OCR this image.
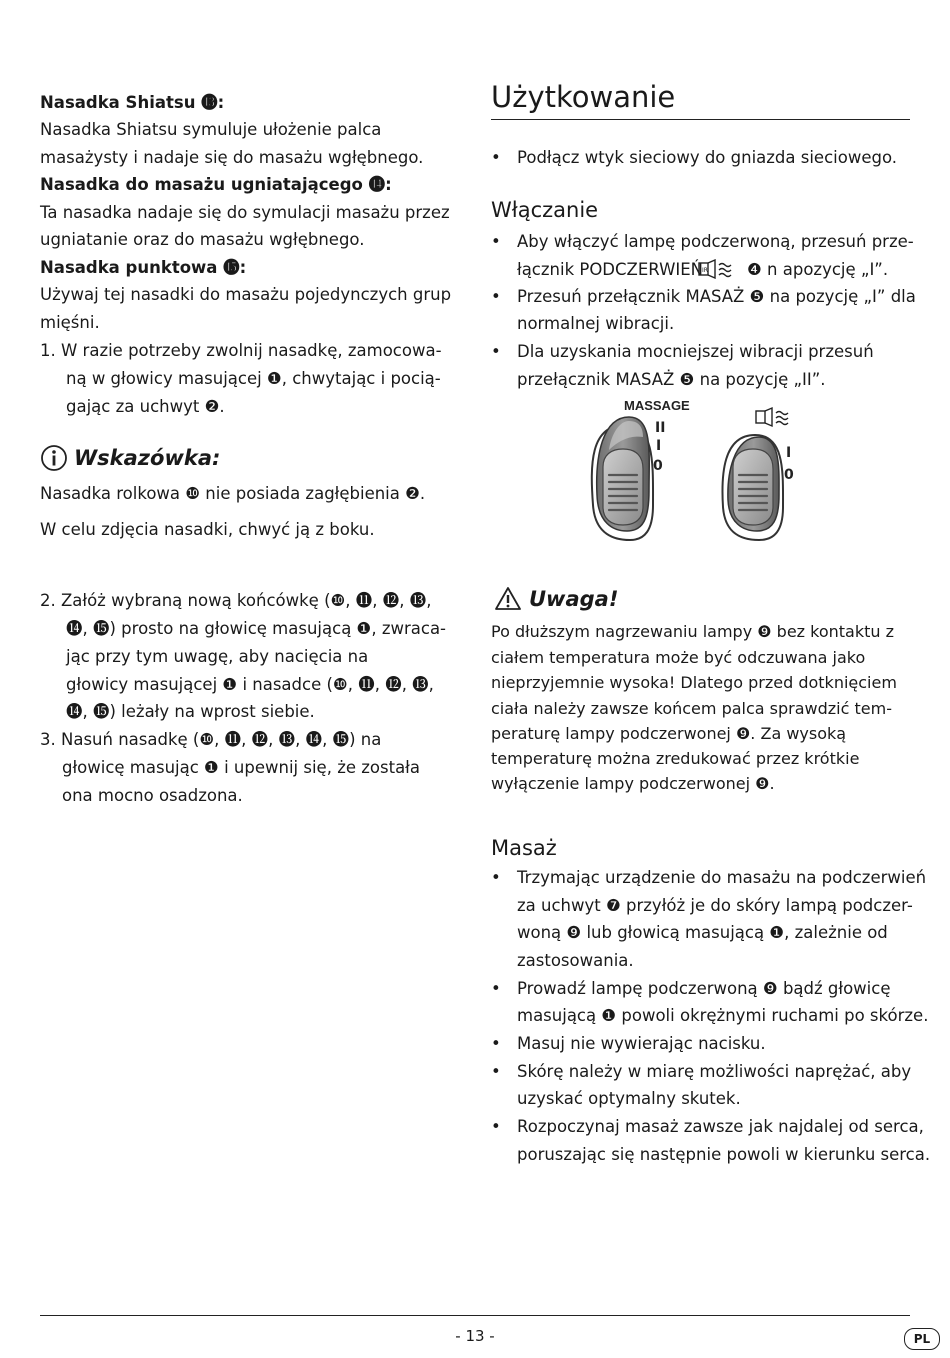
Nasadka Shiatsu ⓭:
Nasadka Shiatsu symuluje ułożenie palca
masażysty i nadaje się do masażu wgłębnego.
Nasadka do masażu ugniatającego ⓮:
Ta nasadka nadaje się do symulacji masażu przez
ugniatanie oraz do masażu wgłębnego.
Nasadka punktowa ⓯:
Używaj tej nasadki do masażu pojedynczych grup
mięśni.
1. W razie potrzeby zwolnij nasadkę, zamocowa-
ną w głowicy masującej ❶, chwytając i pocią-
gając za uchwyt ❷.
Wskazówka:
Nasadka rolkowa ❿ nie posiada zagłębienia ❷.
W celu zdjęcia nasadki, chwyć ją z boku.
2. Załóż wybraną nową końcówkę (❿, ⓫, ⓬, ⓭,
⓮, ⓯) prosto na głowicę masującą ❶, zwraca-
jąc przy tym uwagę, aby nacięcia na
głowicy masującej ❶ i nasadce (❿, ⓫, ⓬, ⓭,
⓮, ⓯) leżały na wprost siebie.
3. Nasuń nasadkę (❿, ⓫, ⓬, ⓭, ⓮, ⓯) na
głowicę masując ❶ i upewnij się, że została
ona mocno osadzona.
Użytkowanie
• Podłącz wtyk sieciowy do gniazda sieciowego.
Włączanie
• Aby włączyć lampę podczerwoną, przesuń prze-
łącznik PODCZERWIEŃ
IR ❹ n apozycję „I”.
• Przesuń przełącznik MASAŻ ❺ na pozycję „I” dla
normalnej wibracji.
• Dla uzyskania mocniejszej wibracji przesuń
przełącznik MASAŻ ❺ na pozycję „II”.
Uwaga!
Po dłuższym nagrzewaniu lampy ❾ bez kontaktu z
ciałem temperatura może być odczuwana jako
nieprzyjemnie wysoka! Dlatego przed dotknięciem
ciała należy zawsze końcem palca sprawdzić tem-
peraturę lampy podczerwonej ❾. Za wysoką
temperaturę można zredukować przez krótkie
wyłączenie lampy podczerwonej ❾.
Masaż
• Trzymając urządzenie do masażu na podczerwień
za uchwyt ❼ przyłóż je do skóry lampą podczer-
woną ❾ lub głowicą masującą ❶, zależnie od
zastosowania.
• Prowadź lampę podczerwoną ❾ bądź głowicę
masującą ❶ powoli okrężnymi ruchami po skórze.
• Masuj nie wywierając nacisku.
• Skórę należy w miarę możliwości naprężać, aby
uzyskać optymalny skutek.
• Rozpoczynaj masaż zawsze jak najdalej od serca,
poruszając się następnie powoli w kierunku serca.
MASSAGE
II
I
0
I
0
- 13 -	PL
